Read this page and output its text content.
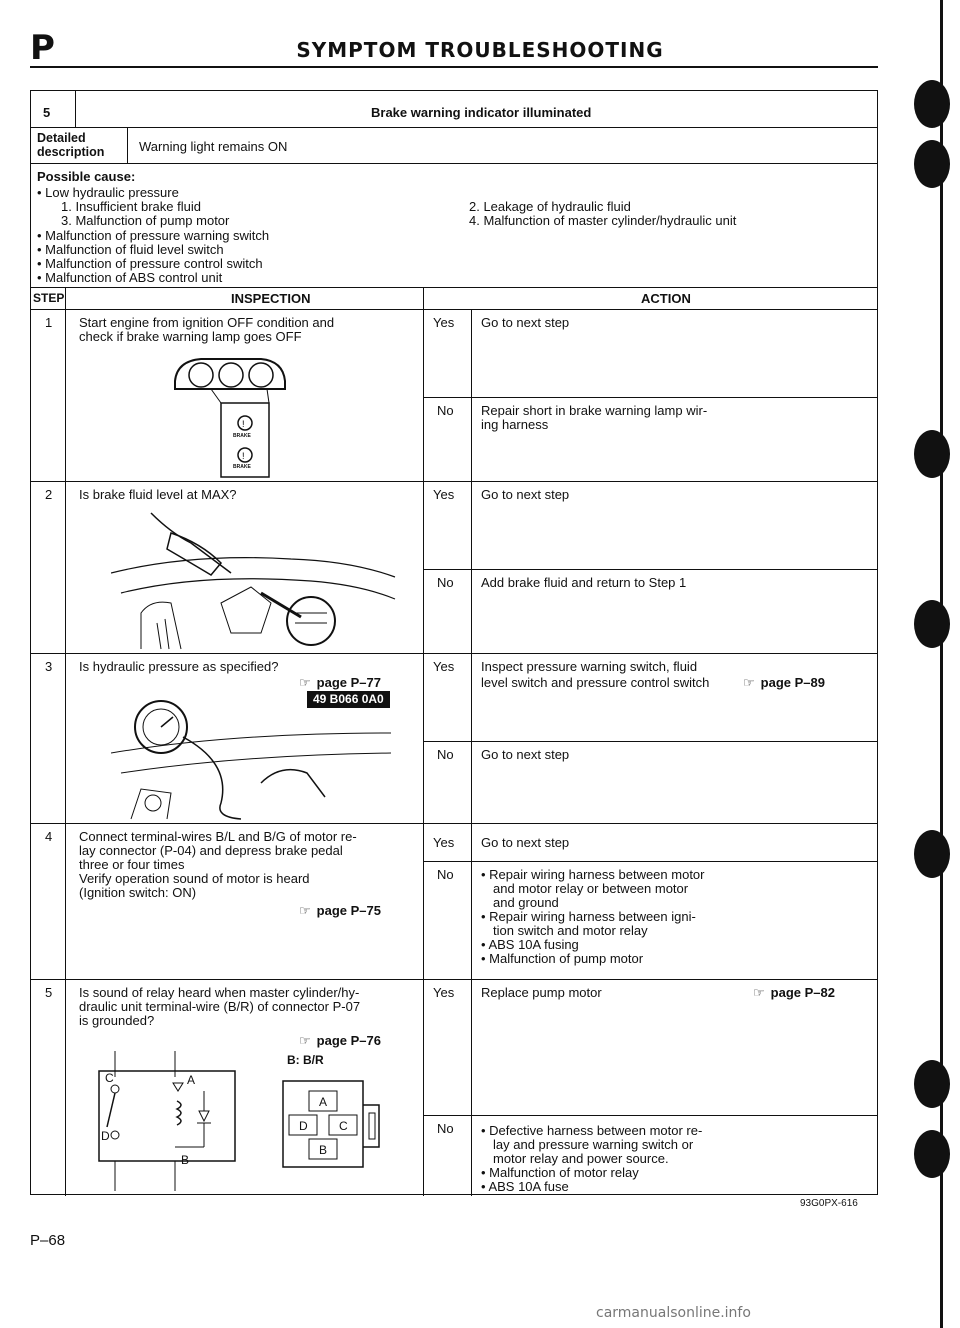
P	SYMPTOM TROUBLESHOOTING
5	Brake warning indicator illuminated
Detailed description	Warning light remains ON
Possible cause:
• Low hydraulic pressure
1. Insufficient brake fluid
3. Malfunction of pump motor
• Malfunction of pressure warning switch
• Malfunction of fluid level switch
• Malfunction of pressure control switch
• Malfunction of ABS control unit
2. Leakage of hydraulic fluid
4. Malfunction of master cylinder/hydraulic unit
STEP	INSPECTION	ACTION
1 Start engine from ignition OFF condition and
check if brake warning lamp goes OFF
!
!
BRAKE
BRAKE
Yes Go to next step
No Repair short in brake warning lamp wir-
ing harness
2 Is brake fluid level at MAX?	Yes Go to next step
No Add brake fluid and return to Step 1
3 Is hydraulic pressure as specified?
☞ page P–77
49 B066 0A0
Yes Inspect pressure warning switch, fluid
level switch and pressure control switch	☞ page P–89
No Go to next step
4 Connect terminal-wires B/L and B/G of motor re-
lay connector (P-04) and depress brake pedal
three or four times
Verify operation sound of motor is heard
(Ignition switch: ON)
☞ page P–75
Yes Go to next step
No • Repair wiring harness between motor
and motor relay or between motor
and ground
• Repair wiring harness between igni-
tion switch and motor relay
• ABS 10A fusing
• Malfunction of pump motor
5 Is sound of relay heard when master cylinder/hy-
draulic unit terminal-wire (B/R) of connector P-07
is grounded?
☞ page P–76
B: B/R
C	A
D
B
A
D	C
B
Yes Replace pump motor	☞ page P–82
No • Defective harness between motor re-
lay and pressure warning switch or
motor relay and power source.
• Malfunction of motor relay
• ABS 10A fuse
93G0PX-616
P–68
carmanualsonline.info
